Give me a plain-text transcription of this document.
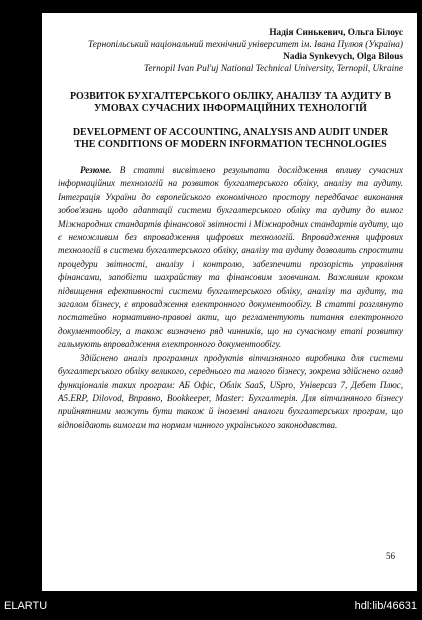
Надія Синькевич, Ольга Білоус
Тернопільський національний технічний університет ім. Івана Пулюя (Україна)
Nadia Synkevych, Olga Bilous
Ternopil Ivan Pul'uj National Technical University, Ternopil, Ukraine
РОЗВИТОК БУХГАЛТЕРСЬКОГО ОБЛІКУ, АНАЛІЗУ ТА АУДИТУ В УМОВАХ СУЧАСНИХ ІНФОРМАЦІЙНИХ ТЕХНОЛОГІЙ
DEVELOPMENT OF ACCOUNTING, ANALYSIS AND AUDIT UNDER THE CONDITIONS OF MODERN INFORMATION TECHNOLOGIES

Резюме. В статті висвітлено результати дослідження впливу сучасних інформаційних технологій на розвиток бухгалтерського обліку, аналізу та аудиту. Інтеграція України до європейського економічного простору передбачає виконання зобов'язань щодо адаптації системи бухгалтерського обліку та аудиту до вимог Міжнародних стандартів фінансової звітності і Міжнародних стандартів аудиту, що є неможливим без впровадження цифрових технологій. Впровадження цифрових технологій в системи бухгалтерського обліку, аналізу та аудиту дозволить спростити процедури звітності, аналізу і контролю, забезпечити прозорість управління фінансами, запобігти шахрайству та фінансовим зловчинам. Важливим кроком підвищення ефективності системи бухгалтерського обліку, аналізу та аудиту, та загалом бізнесу, є впровадження електронного документообігу. В статті розглянуто постатейно нормативно-правові акти, що регламентують питання електронного документообігу, а також визначено ряд чинників, що на сучасному етапі розвитку гальмують впровадження електронного документообігу.

Здійснено аналіз програмних продуктів вітчизняного виробника для системи бухгалтерського обліку великого, середнього та малого бізнесу, зокрема здійснено огляд функціоналів таких програм: АБ Офіс, Облік SaaS, USpro, Універсаз 7, Дебет Плюс, A5.ERP, Dilovod, Вправно, Bookkeeper, Master: Бухгалтерія. Для вітчизняного бізнесу прийнятними можуть бути також й іноземні аналоги бухгалтерських програм, що відповідають вимогам та нормам чинного українського законодавства.

56
ELARTU	hdl:lib/46631
